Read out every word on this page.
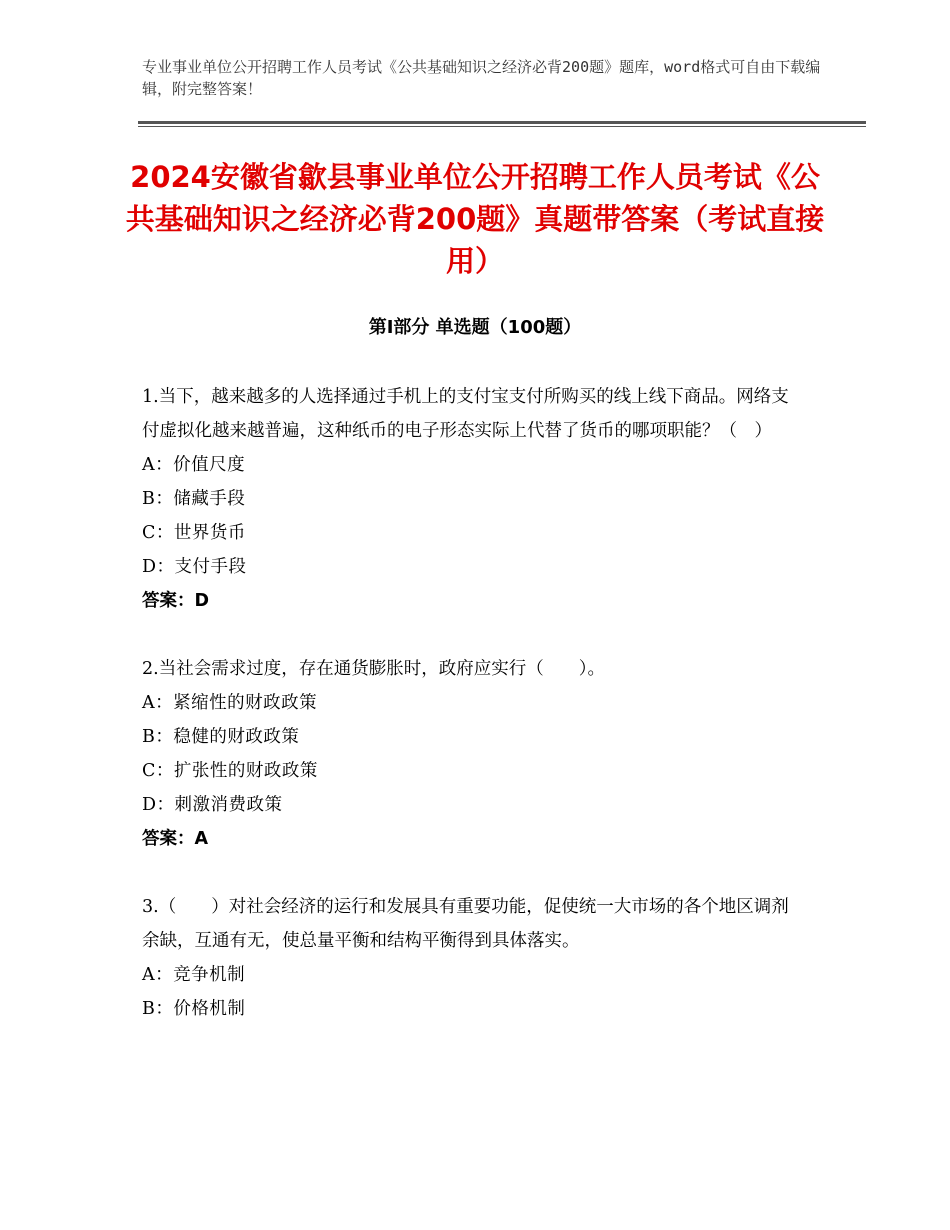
专业事业单位公开招聘工作人员考试《公共基础知识之经济必背200题》题库，word格式可自由下载编辑，附完整答案！
2024安徽省歙县事业单位公开招聘工作人员考试《公共基础知识之经济必背200题》真题带答案（考试直接用）
第Ⅰ部分 单选题（100题）

1.当下，越来越多的人选择通过手机上的支付宝支付所购买的线上线下商品。网络支付虚拟化越来越普遍，这种纸币的电子形态实际上代替了货币的哪项职能？（　）

A：价值尺度

B：储藏手段

C：世界货币

D：支付手段

答案：D

2.当社会需求过度，存在通货膨胀时，政府应实行（　　）。

A：紧缩性的财政政策

B：稳健的财政政策

C：扩张性的财政政策

D：刺激消费政策

答案：A

3.（　　）对社会经济的运行和发展具有重要功能，促使统一大市场的各个地区调剂余缺，互通有无，使总量平衡和结构平衡得到具体落实。

A：竞争机制

B：价格机制
